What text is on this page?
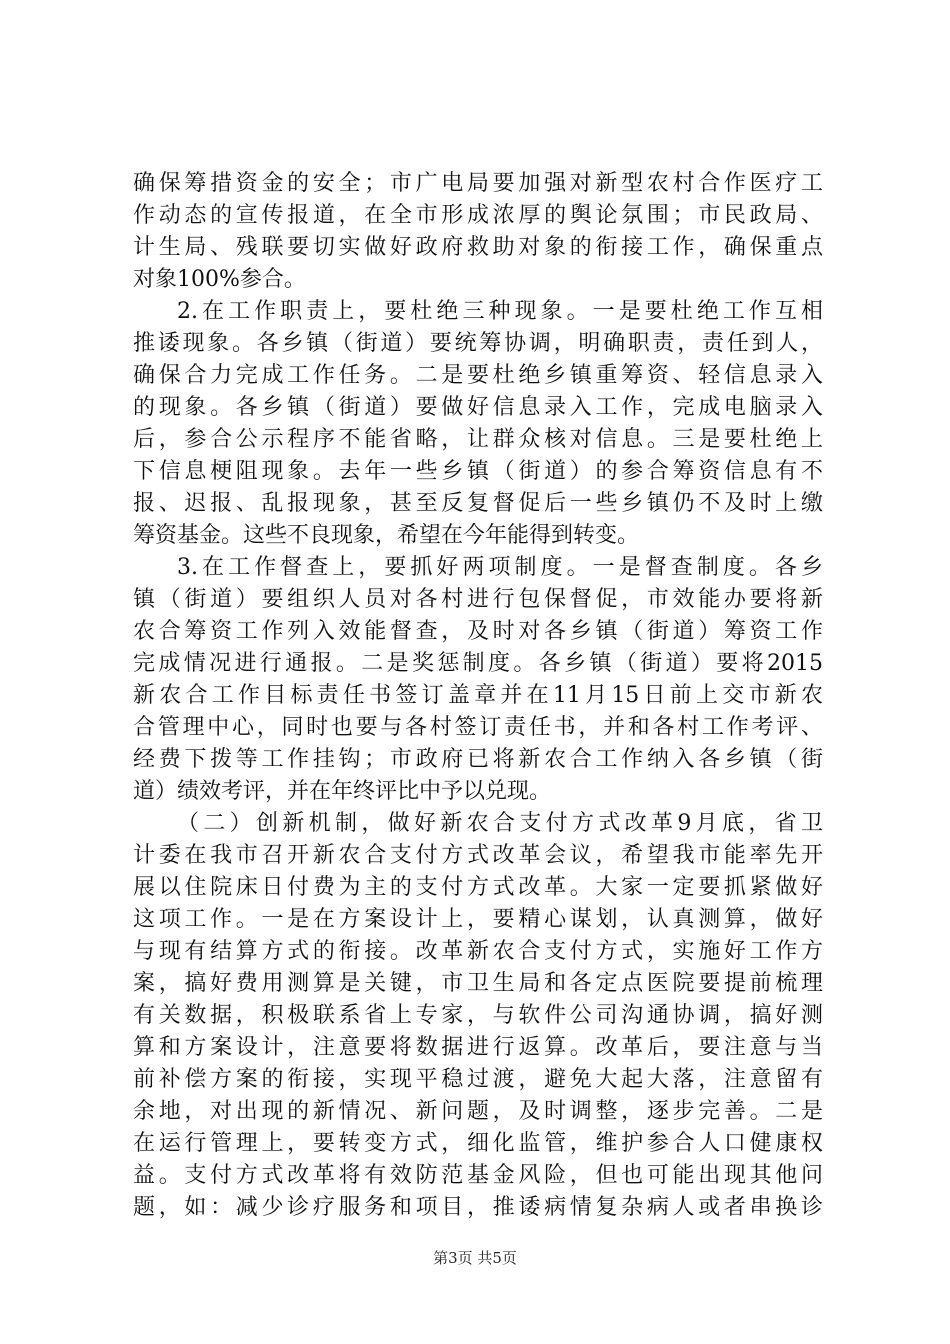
确保筹措资金的安全；市广电局要加强对新型农村合作医疗工
作动态的宣传报道，在全市形成浓厚的舆论氛围；市民政局、
计生局、残联要切实做好政府救助对象的衔接工作，确保重点
对象100%参合。
2.在工作职责上，要杜绝三种现象。一是要杜绝工作互相
推诿现象。各乡镇（街道）要统筹协调，明确职责，责任到人，
确保合力完成工作任务。二是要杜绝乡镇重筹资、轻信息录入
的现象。各乡镇（街道）要做好信息录入工作，完成电脑录入
后，参合公示程序不能省略，让群众核对信息。三是要杜绝上
下信息梗阻现象。去年一些乡镇（街道）的参合筹资信息有不
报、迟报、乱报现象，甚至反复督促后一些乡镇仍不及时上缴
筹资基金。这些不良现象，希望在今年能得到转变。
3.在工作督查上，要抓好两项制度。一是督查制度。各乡
镇（街道）要组织人员对各村进行包保督促，市效能办要将新
农合筹资工作列入效能督查，及时对各乡镇（街道）筹资工作
完成情况进行通报。二是奖惩制度。各乡镇（街道）要将2015
新农合工作目标责任书签订盖章并在11月15日前上交市新农
合管理中心，同时也要与各村签订责任书，并和各村工作考评、
经费下拨等工作挂钩；市政府已将新农合工作纳入各乡镇（街
道）绩效考评，并在年终评比中予以兑现。
（二）创新机制，做好新农合支付方式改革9月底，省卫
计委在我市召开新农合支付方式改革会议，希望我市能率先开
展以住院床日付费为主的支付方式改革。大家一定要抓紧做好
这项工作。一是在方案设计上，要精心谋划，认真测算，做好
与现有结算方式的衔接。改革新农合支付方式，实施好工作方
案，搞好费用测算是关键，市卫生局和各定点医院要提前梳理
有关数据，积极联系省上专家，与软件公司沟通协调，搞好测
算和方案设计，注意要将数据进行返算。改革后，要注意与当
前补偿方案的衔接，实现平稳过渡，避免大起大落，注意留有
余地，对出现的新情况、新问题，及时调整，逐步完善。二是
在运行管理上，要转变方式，细化监管，维护参合人口健康权
益。支付方式改革将有效防范基金风险，但也可能出现其他问
题，如：减少诊疗服务和项目，推诿病情复杂病人或者串换诊
第3页 共5页
